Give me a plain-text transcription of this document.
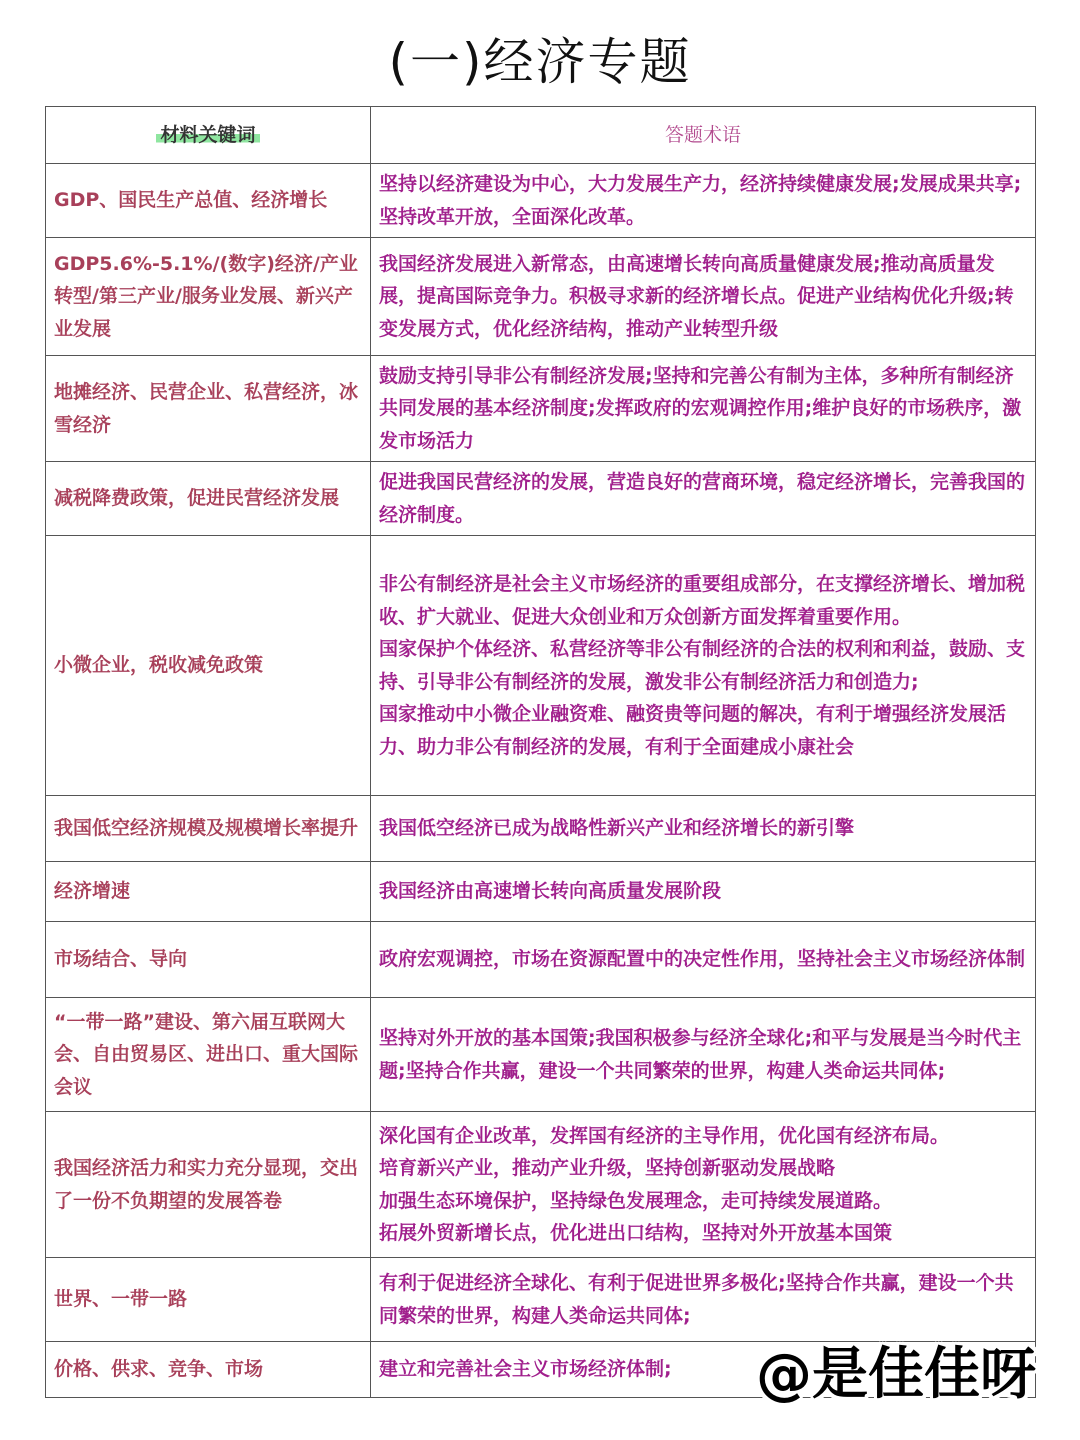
(一)经济专题
材料关键词	答题术语
GDP、国民生产总值、经济增长	坚持以经济建设为中心，大力发展生产力，经济持续健康发展;发展成果共享;坚持改革开放，全面深化改革。

GDP5.6%-5.1%/(数字)经济/产业转型/第三产业/服务业发展、新兴产业发展	我国经济发展进入新常态，由高速增长转向高质量健康发展;推动高质量发展，提高国际竞争力。积极寻求新的经济增长点。促进产业结构优化升级;转变发展方式，优化经济结构，推动产业转型升级

地摊经济、民营企业、私营经济，冰雪经济	鼓励支持引导非公有制经济发展;坚持和完善公有制为主体，多种所有制经济共同发展的基本经济制度;发挥政府的宏观调控作用;维护良好的市场秩序，激发市场活力

减税降费政策，促进民营经济发展	促进我国民营经济的发展，营造良好的营商环境，稳定经济增长，完善我国的经济制度。

小微企业，税收减免政策	非公有制经济是社会主义市场经济的重要组成部分，在支撑经济增长、增加税收、扩大就业、促进大众创业和万众创新方面发挥着重要作用。
国家保护个体经济、私营经济等非公有制经济的合法的权利和利益，鼓励、支持、引导非公有制经济的发展，激发非公有制经济活力和创造力;
国家推动中小微企业融资难、融资贵等问题的解决，有利于增强经济发展活力、助力非公有制经济的发展，有利于全面建成小康社会

我国低空经济规模及规模增长率提升	我国低空经济已成为战略性新兴产业和经济增长的新引擎

经济增速	我国经济由高速增长转向高质量发展阶段

市场结合、导向	政府宏观调控，市场在资源配置中的决定性作用，坚持社会主义市场经济体制

“一带一路”建设、第六届互联网大会、自由贸易区、进出口、重大国际会议	坚持对外开放的基本国策;我国积极参与经济全球化;和平与发展是当今时代主题;坚持合作共赢，建设一个共同繁荣的世界，构建人类命运共同体;

我国经济活力和实力充分显现，交出了一份不负期望的发展答卷	深化国有企业改革，发挥国有经济的主导作用，优化国有经济布局。
培育新兴产业，推动产业升级，坚持创新驱动发展战略
加强生态环境保护，坚持绿色发展理念，走可持续发展道路。
拓展外贸新增长点，优化进出口结构，坚持对外开放基本国策

世界、一带一路	有利于促进经济全球化、有利于促进世界多极化;坚持合作共赢，建设一个共同繁荣的世界，构建人类命运共同体;

价格、供求、竞争、市场	建立和完善社会主义市场经济体制;	@是佳佳呀
